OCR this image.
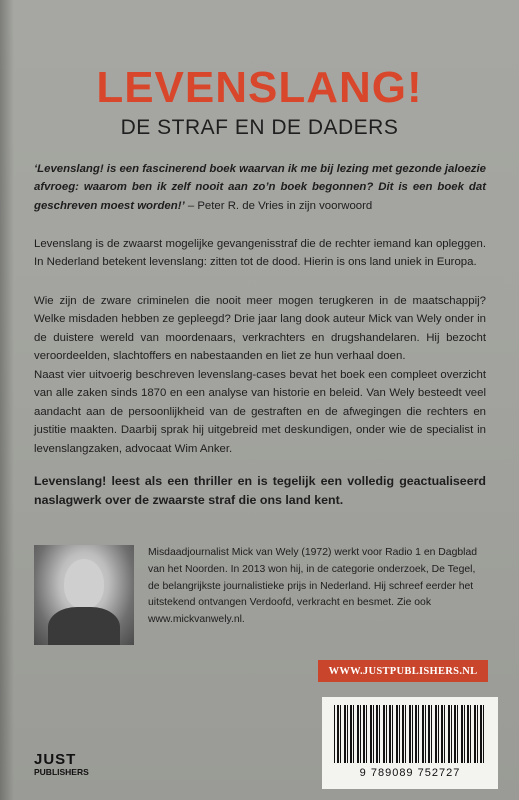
LEVENSLANG!
DE STRAF EN DE DADERS
‘Levenslang! is een fascinerend boek waarvan ik me bij lezing met gezonde jaloezie afvroeg: waarom ben ik zelf nooit aan zo’n boek begonnen? Dit is een boek dat geschreven moest worden!’ – Peter R. de Vries in zijn voorwoord
Levenslang is de zwaarst mogelijke gevangenisstraf die de rechter iemand kan opleggen. In Nederland betekent levenslang: zitten tot de dood. Hierin is ons land uniek in Europa.
Wie zijn de zware criminelen die nooit meer mogen terugkeren in de maatschappij? Welke misdaden hebben ze gepleegd? Drie jaar lang dook auteur Mick van Wely onder in de duistere wereld van moordenaars, verkrachters en drugshandelaren. Hij bezocht veroordeelden, slachtoffers en nabestaanden en liet ze hun verhaal doen.
Naast vier uitvoerig beschreven levenslang-cases bevat het boek een compleet overzicht van alle zaken sinds 1870 en een analyse van historie en beleid. Van Wely besteedt veel aandacht aan de persoonlijkheid van de gestraften en de afwegingen die rechters en justitie maakten. Daarbij sprak hij uitgebreid met deskundigen, onder wie de specialist in levenslangzaken, advocaat Wim Anker.
Levenslang! leest als een thriller en is tegelijk een volledig geactualiseerd naslagwerk over de zwaarste straf die ons land kent.
Misdaadjournalist Mick van Wely (1972) werkt voor Radio 1 en Dagblad van het Noorden. In 2013 won hij, in de categorie onderzoek, De Tegel, de belangrijkste journalistieke prijs in Nederland. Hij schreef eerder het uitstekend ontvangen Verdoofd, verkracht en besmet. Zie ook www.mickvanwely.nl.
WWW.JUSTPUBLISHERS.NL
JUST
PUBLISHERS	9 789089 752727
